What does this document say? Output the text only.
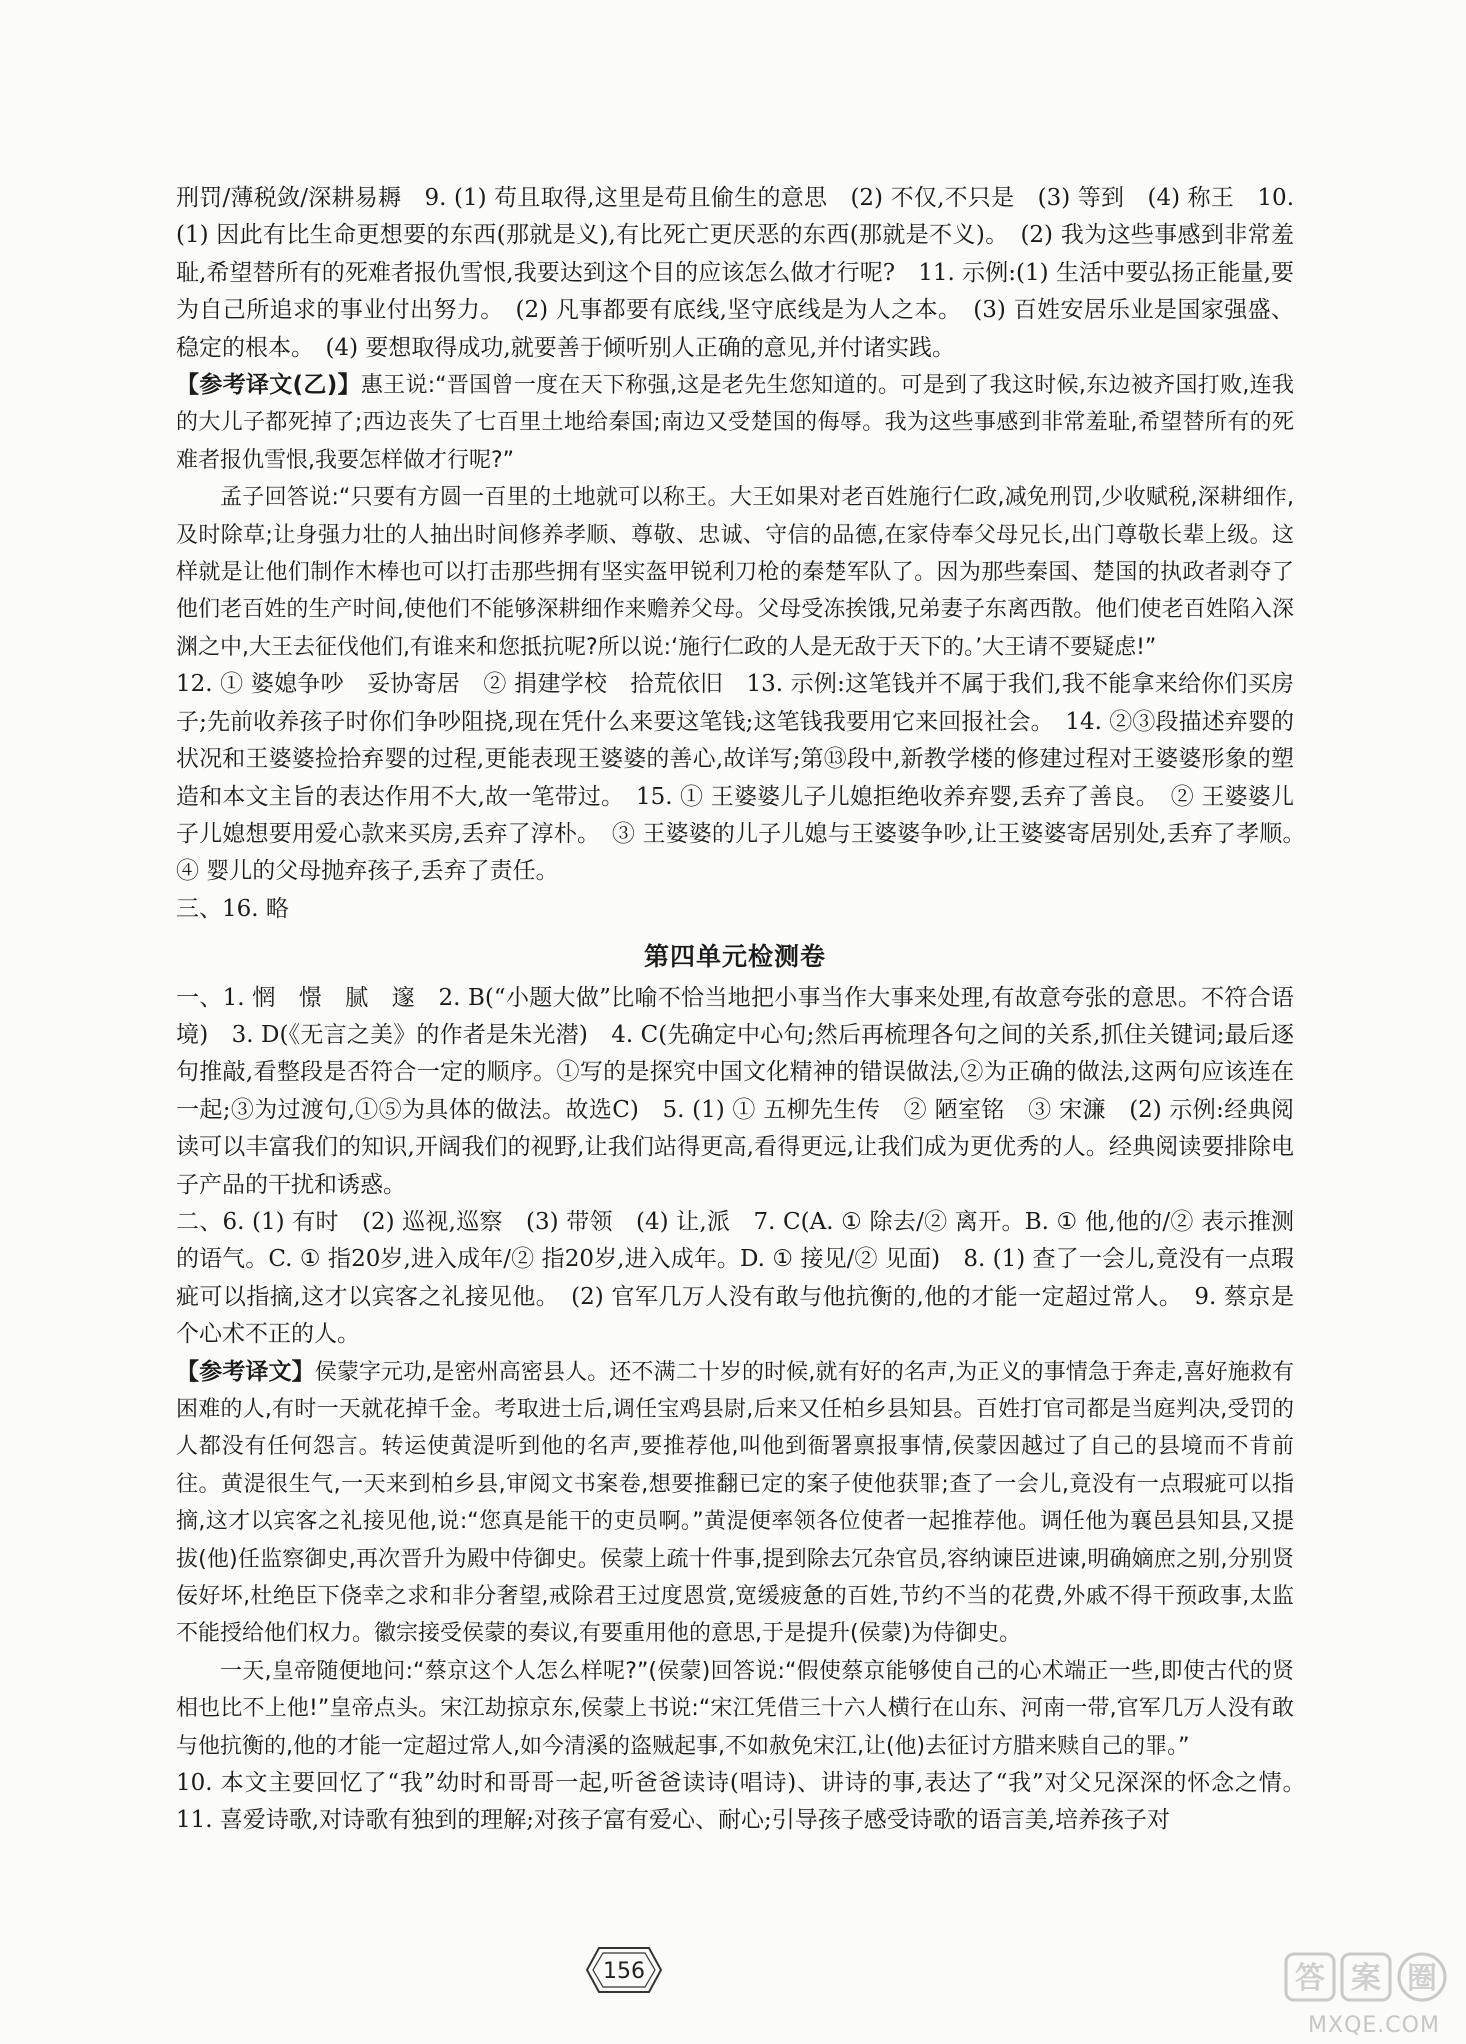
刑罚/薄税敛/深耕易耨　9. (1) 苟且取得,这里是苟且偷生的意思　(2) 不仅,不只是　(3) 等到　(4) 称王　10. (1) 因此有比生命更想要的东西(那就是义),有比死亡更厌恶的东西(那就是不义)。　(2) 我为这些事感到非常羞耻,希望替所有的死难者报仇雪恨,我要达到这个目的应该怎么做才行呢?　11. 示例:(1) 生活中要弘扬正能量,要为自己所追求的事业付出努力。　(2) 凡事都要有底线,坚守底线是为人之本。　(3) 百姓安居乐业是国家强盛、稳定的根本。　(4) 要想取得成功,就要善于倾听别人正确的意见,并付诸实践。

【参考译文(乙)】惠王说:“晋国曾一度在天下称强,这是老先生您知道的。可是到了我这时候,东边被齐国打败,连我的大儿子都死掉了;西边丧失了七百里土地给秦国;南边又受楚国的侮辱。我为这些事感到非常羞耻,希望替所有的死难者报仇雪恨,我要怎样做才行呢?”

孟子回答说:“只要有方圆一百里的土地就可以称王。大王如果对老百姓施行仁政,减免刑罚,少收赋税,深耕细作,及时除草;让身强力壮的人抽出时间修养孝顺、尊敬、忠诚、守信的品德,在家侍奉父母兄长,出门尊敬长辈上级。这样就是让他们制作木棒也可以打击那些拥有坚实盔甲锐利刀枪的秦楚军队了。因为那些秦国、楚国的执政者剥夺了他们老百姓的生产时间,使他们不能够深耕细作来赡养父母。父母受冻挨饿,兄弟妻子东离西散。他们使老百姓陷入深渊之中,大王去征伐他们,有谁来和您抵抗呢?所以说:‘施行仁政的人是无敌于天下的。’大王请不要疑虑!”

12. ① 婆媳争吵　妥协寄居　② 捐建学校　拾荒依旧　13. 示例:这笔钱并不属于我们,我不能拿来给你们买房子;先前收养孩子时你们争吵阻挠,现在凭什么来要这笔钱;这笔钱我要用它来回报社会。　14. ②③段描述弃婴的状况和王婆婆捡拾弃婴的过程,更能表现王婆婆的善心,故详写;第⑬段中,新教学楼的修建过程对王婆婆形象的塑造和本文主旨的表达作用不大,故一笔带过。　15. ① 王婆婆儿子儿媳拒绝收养弃婴,丢弃了善良。　② 王婆婆儿子儿媳想要用爱心款来买房,丢弃了淳朴。　③ 王婆婆的儿子儿媳与王婆婆争吵,让王婆婆寄居别处,丢弃了孝顺。　④ 婴儿的父母抛弃孩子,丢弃了责任。

三、16. 略

第四单元检测卷

一、1. 惘　憬　腻　邃　2. B(“小题大做”比喻不恰当地把小事当作大事来处理,有故意夸张的意思。不符合语境)　3. D(《无言之美》的作者是朱光潜)　4. C(先确定中心句;然后再梳理各句之间的关系,抓住关键词;最后逐句推敲,看整段是否符合一定的顺序。①写的是探究中国文化精神的错误做法,②为正确的做法,这两句应该连在一起;③为过渡句,①⑤为具体的做法。故选C)　5. (1) ① 五柳先生传　② 陋室铭　③ 宋濂　(2) 示例:经典阅读可以丰富我们的知识,开阔我们的视野,让我们站得更高,看得更远,让我们成为更优秀的人。经典阅读要排除电子产品的干扰和诱惑。

二、6. (1) 有时　(2) 巡视,巡察　(3) 带领　(4) 让,派　7. C(A. ① 除去/② 离开。B. ① 他,他的/② 表示推测的语气。C. ① 指20岁,进入成年/② 指20岁,进入成年。D. ① 接见/② 见面)　8. (1) 查了一会儿,竟没有一点瑕疵可以指摘,这才以宾客之礼接见他。　(2) 官军几万人没有敢与他抗衡的,他的才能一定超过常人。　9. 蔡京是个心术不正的人。

【参考译文】侯蒙字元功,是密州高密县人。还不满二十岁的时候,就有好的名声,为正义的事情急于奔走,喜好施救有困难的人,有时一天就花掉千金。考取进士后,调任宝鸡县尉,后来又任柏乡县知县。百姓打官司都是当庭判决,受罚的人都没有任何怨言。转运使黄湜听到他的名声,要推荐他,叫他到衙署禀报事情,侯蒙因越过了自己的县境而不肯前往。黄湜很生气,一天来到柏乡县,审阅文书案卷,想要推翻已定的案子使他获罪;查了一会儿,竟没有一点瑕疵可以指摘,这才以宾客之礼接见他,说:“您真是能干的吏员啊。”黄湜便率领各位使者一起推荐他。调任他为襄邑县知县,又提拔(他)任监察御史,再次晋升为殿中侍御史。侯蒙上疏十件事,提到除去冗杂官员,容纳谏臣进谏,明确嫡庶之别,分别贤佞好坏,杜绝臣下侥幸之求和非分奢望,戒除君王过度恩赏,宽缓疲惫的百姓,节约不当的花费,外戚不得干预政事,太监不能授给他们权力。徽宗接受侯蒙的奏议,有要重用他的意思,于是提升(侯蒙)为侍御史。

一天,皇帝随便地问:“蔡京这个人怎么样呢?”(侯蒙)回答说:“假使蔡京能够使自己的心术端正一些,即使古代的贤相也比不上他!”皇帝点头。宋江劫掠京东,侯蒙上书说:“宋江凭借三十六人横行在山东、河南一带,官军几万人没有敢与他抗衡的,他的才能一定超过常人,如今清溪的盗贼起事,不如赦免宋江,让(他)去征讨方腊来赎自己的罪。”

10. 本文主要回忆了“我”幼时和哥哥一起,听爸爸读诗(唱诗)、讲诗的事,表达了“我”对父兄深深的怀念之情。　11. 喜爱诗歌,对诗歌有独到的理解;对孩子富有爱心、耐心;引导孩子感受诗歌的语言美,培养孩子对

156	答 案 圈
MXQE.COM
